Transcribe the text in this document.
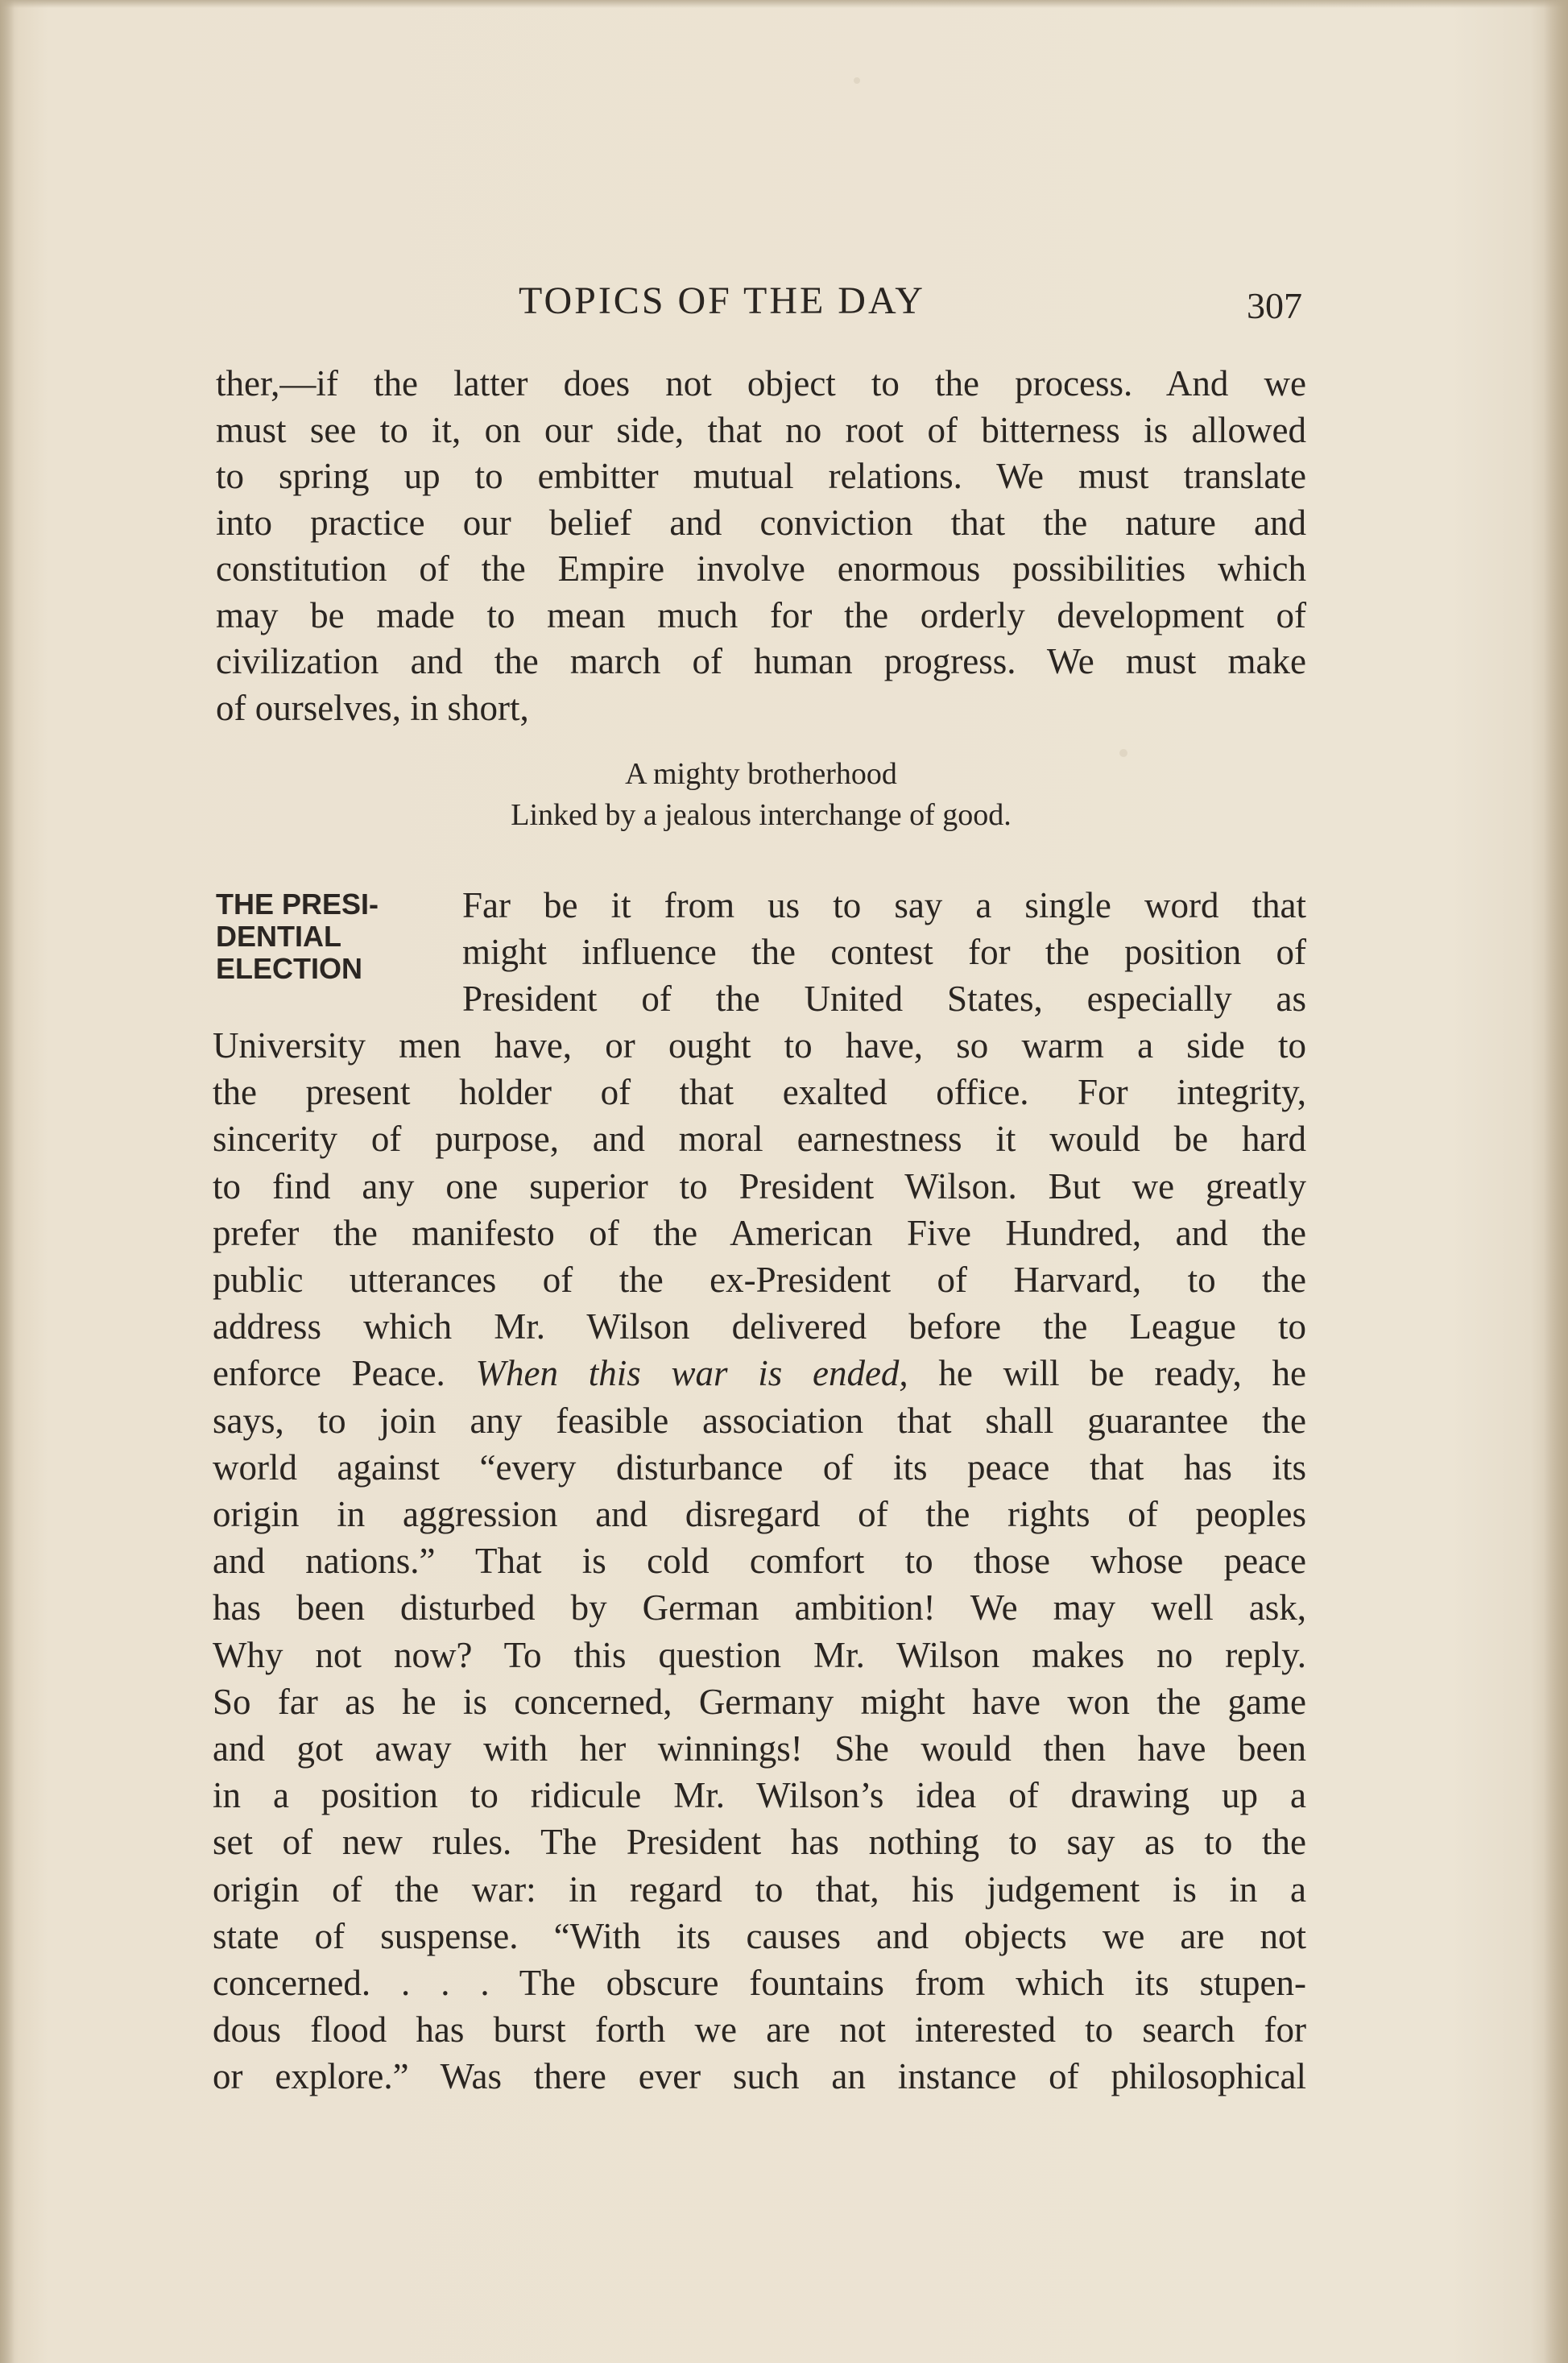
TOPICS OF THE DAY	307
ther,—if the latter does not object to the process. And we
must see to it, on our side, that no root of bitterness is allowed
to spring up to embitter mutual relations. We must translate
into practice our belief and conviction that the nature and
constitution of the Empire involve enormous possibilities which
may be made to mean much for the orderly development of
civilization and the march of human progress. We must make
of ourselves, in short,
A mighty brotherhood
Linked by a jealous interchange of good.
THE PRESI-
DENTIAL
ELECTION
Far be it from us to say a single word that
might influence the contest for the position of
President of the United States, especially as
University men have, or ought to have, so warm a side to
the present holder of that exalted office. For integrity,
sincerity of purpose, and moral earnestness it would be hard
to find any one superior to President Wilson. But we greatly
prefer the manifesto of the American Five Hundred, and the
public utterances of the ex-President of Harvard, to the
address which Mr. Wilson delivered before the League to
enforce Peace. When this war is ended, he will be ready, he
says, to join any feasible association that shall guarantee the
world against “every disturbance of its peace that has its
origin in aggression and disregard of the rights of peoples
and nations.” That is cold comfort to those whose peace
has been disturbed by German ambition! We may well ask,
Why not now? To this question Mr. Wilson makes no reply.
So far as he is concerned, Germany might have won the game
and got away with her winnings! She would then have been
in a position to ridicule Mr. Wilson’s idea of drawing up a
set of new rules. The President has nothing to say as to the
origin of the war: in regard to that, his judgement is in a
state of suspense. “With its causes and objects we are not
concerned. . . . The obscure fountains from which its stupen-
dous flood has burst forth we are not interested to search for
or explore.” Was there ever such an instance of philosophical
